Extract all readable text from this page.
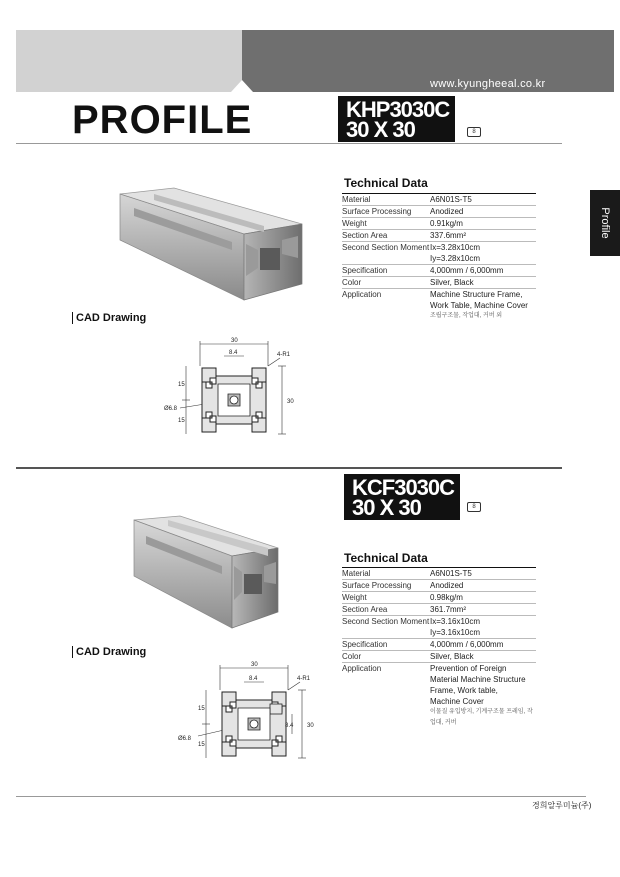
www.kyungheeal.co.kr
PROFILE
Profile
KHP3030C
30 X 30	8
Technical Data
Material	A6N01S-T5
Surface Processing	Anodized
Weight	0.91kg/m
Section Area	337.6mm²
Second Section Moment Ix=3.28x10cm
Iy=3.28x10cm
Specification	4,000mm / 6,000mm
Color	Silver, Black
Application	Machine Structure Frame,
Work Table, Machine Cover
조립구조물, 작업대, 커버 외
CAD Drawing
30
8.4	4-R1
15
15
30
Ø6.8
KCF3030C
30 X 30	8
Technical Data
Material	A6N01S-T5
Surface Processing	Anodized
Weight	0.98kg/m
Section Area	361.7mm²
Second Section Moment Ix=3.16x10cm
Iy=3.16x10cm
Specification	4,000mm / 6,000mm
Color	Silver, Black
Application	Prevention of Foreign
Material Machine Structure
Frame, Work table,
Machine Cover
이물질 유입방지, 기계구조물 프레임, 작업대, 커버
CAD Drawing
30
8.4	4-R1
15
15
30
8.4
Ø6.8
경희알루미늄(주)
